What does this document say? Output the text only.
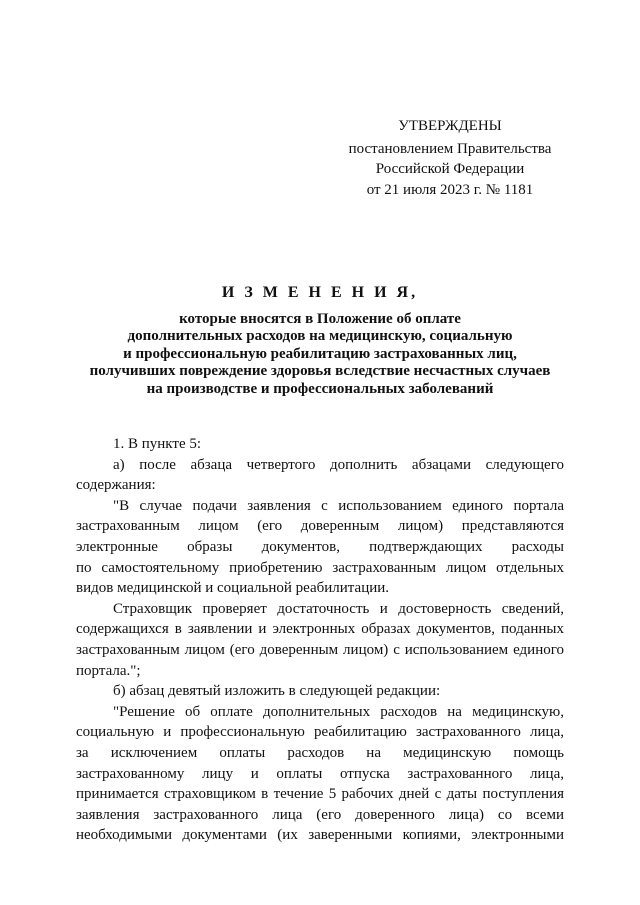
УТВЕРЖДЕНЫ
постановлением Правительства
Российской Федерации
от 21 июля 2023 г. № 1181
И З М Е Н Е Н И Я,
которые вносятся в Положение об оплате
дополнительных расходов на медицинскую, социальную
и профессиональную реабилитацию застрахованных лиц,
получивших повреждение здоровья вследствие несчастных случаев
на производстве и профессиональных заболеваний
1. В пункте 5:
а) после абзаца четвертого дополнить абзацами следующего
содержания:
"В случае подачи заявления с использованием единого портала
застрахованным лицом (его доверенным лицом) представляются
электронные образы документов, подтверждающих расходы
по самостоятельному приобретению застрахованным лицом отдельных
видов медицинской и социальной реабилитации.
Страховщик проверяет достаточность и достоверность сведений,
содержащихся в заявлении и электронных образах документов, поданных
застрахованным лицом (его доверенным лицом) с использованием единого
портала.";
б) абзац девятый изложить в следующей редакции:
"Решение об оплате дополнительных расходов на медицинскую,
социальную и профессиональную реабилитацию застрахованного лица,
за исключением оплаты расходов на медицинскую помощь
застрахованному лицу и оплаты отпуска застрахованного лица,
принимается страховщиком в течение 5 рабочих дней с даты поступления
заявления застрахованного лица (его доверенного лица) со всеми
необходимыми документами (их заверенными копиями, электронными
